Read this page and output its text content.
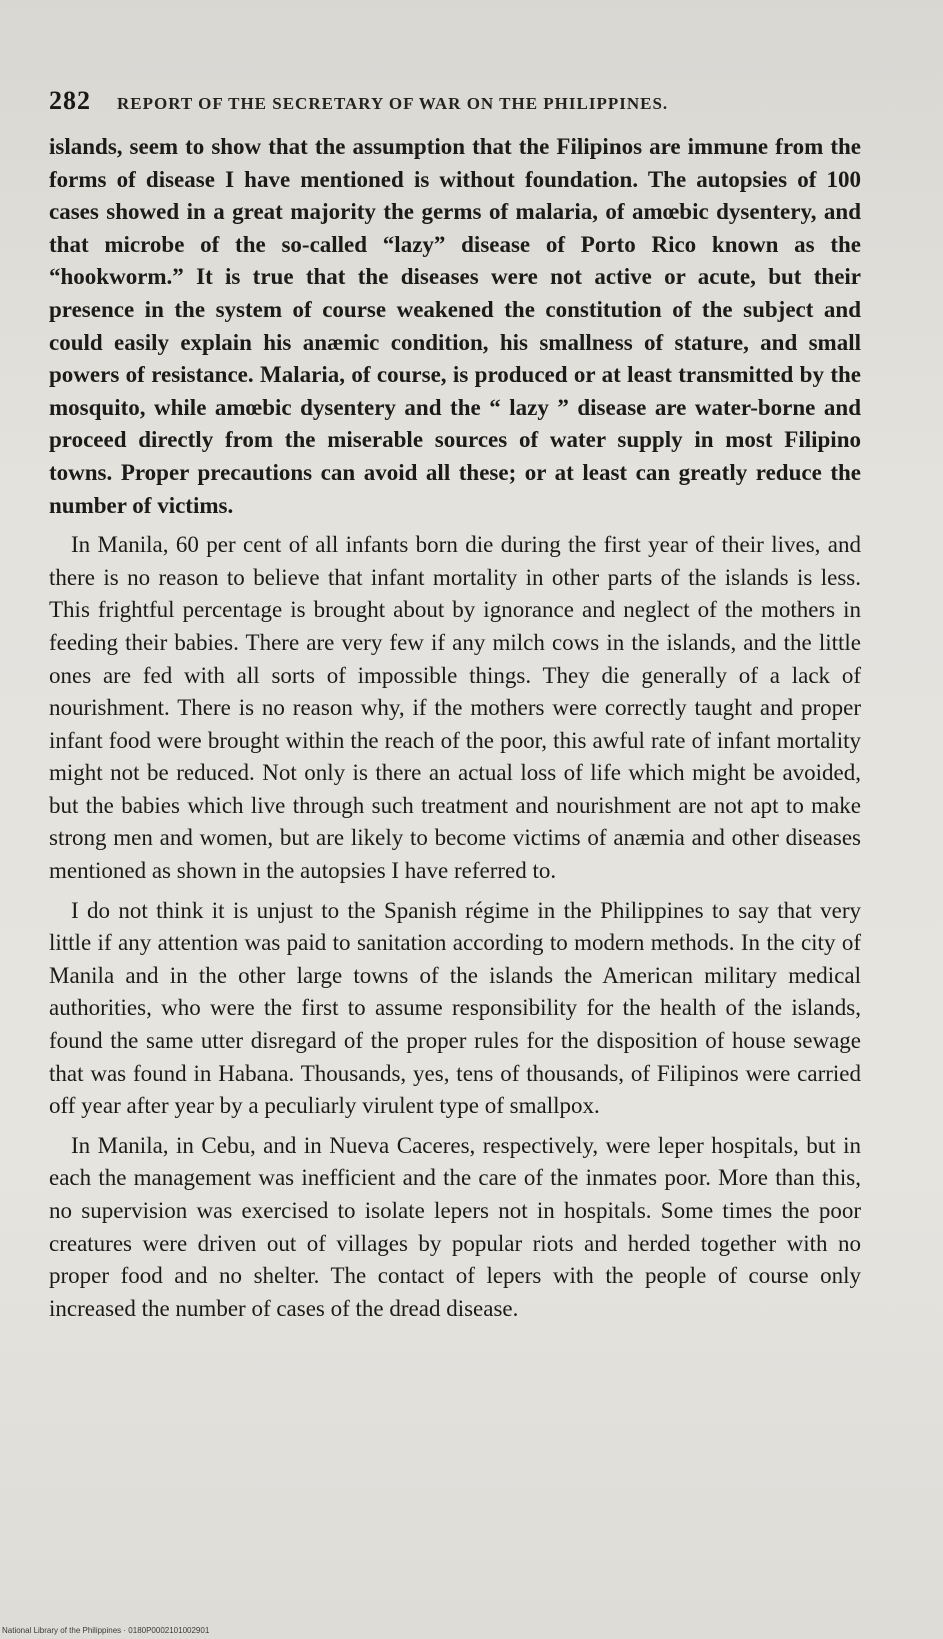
282 REPORT OF THE SECRETARY OF WAR ON THE PHILIPPINES.

islands, seem to show that the assumption that the Filipinos are immune from the forms of disease I have mentioned is without foundation. The autopsies of 100 cases showed in a great majority the germs of malaria, of amœbic dysentery, and that microbe of the so-called “lazy” disease of Porto Rico known as the “hookworm.” It is true that the diseases were not active or acute, but their presence in the system of course weakened the constitution of the subject and could easily explain his anæmic condition, his smallness of stature, and small powers of resistance. Malaria, of course, is produced or at least transmitted by the mosquito, while amœbic dysentery and the “ lazy ” disease are water-borne and proceed directly from the miserable sources of water supply in most Filipino towns. Proper precautions can avoid all these; or at least can greatly reduce the number of victims.

In Manila, 60 per cent of all infants born die during the first year of their lives, and there is no reason to believe that infant mortality in other parts of the islands is less. This frightful percentage is brought about by ignorance and neglect of the mothers in feeding their babies. There are very few if any milch cows in the islands, and the little ones are fed with all sorts of impossible things. They die generally of a lack of nourishment. There is no reason why, if the mothers were correctly taught and proper infant food were brought within the reach of the poor, this awful rate of infant mortality might not be reduced. Not only is there an actual loss of life which might be avoided, but the babies which live through such treatment and nourishment are not apt to make strong men and women, but are likely to become victims of anæmia and other diseases mentioned as shown in the autopsies I have referred to.

I do not think it is unjust to the Spanish régime in the Philippines to say that very little if any attention was paid to sanitation according to modern methods. In the city of Manila and in the other large towns of the islands the American military medical authorities, who were the first to assume responsibility for the health of the islands, found the same utter disregard of the proper rules for the disposition of house sewage that was found in Habana. Thousands, yes, tens of thousands, of Filipinos were carried off year after year by a peculiarly virulent type of smallpox.

In Manila, in Cebu, and in Nueva Caceres, respectively, were leper hospitals, but in each the management was inefficient and the care of the inmates poor. More than this, no supervision was exercised to isolate lepers not in hospitals. Some times the poor creatures were driven out of villages by popular riots and herded together with no proper food and no shelter. The contact of lepers with the people of course only increased the number of cases of the dread disease.

National Library of the Philippines · 0180P0002101002901
